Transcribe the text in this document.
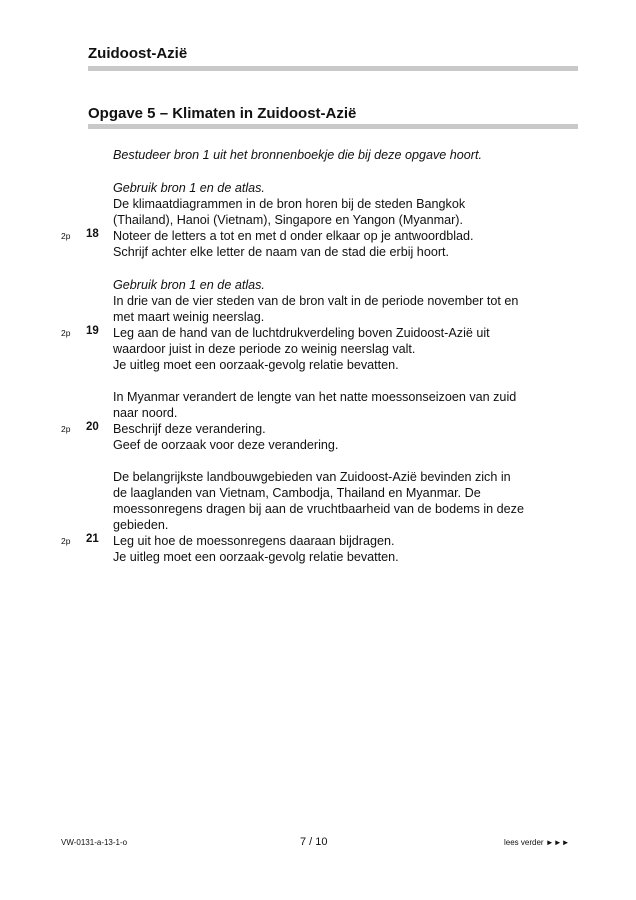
Zuidoost-Azië
Opgave 5 – Klimaten in Zuidoost-Azië
Bestudeer bron 1 uit het bronnenboekje die bij deze opgave hoort.
Gebruik bron 1 en de atlas.
De klimaatdiagrammen in de bron horen bij de steden Bangkok
(Thailand), Hanoi (Vietnam), Singapore en Yangon (Myanmar).
2p 18 Noteer de letters a tot en met d onder elkaar op je antwoordblad.
Schrijf achter elke letter de naam van de stad die erbij hoort.
Gebruik bron 1 en de atlas.
In drie van de vier steden van de bron valt in de periode november tot en
met maart weinig neerslag.
2p 19 Leg aan de hand van de luchtdrukverdeling boven Zuidoost-Azië uit
waardoor juist in deze periode zo weinig neerslag valt.
Je uitleg moet een oorzaak-gevolg relatie bevatten.
In Myanmar verandert de lengte van het natte moessonseizoen van zuid
naar noord.
2p 20 Beschrijf deze verandering.
Geef de oorzaak voor deze verandering.
De belangrijkste landbouwgebieden van Zuidoost-Azië bevinden zich in
de laaglanden van Vietnam, Cambodja, Thailand en Myanmar. De
moessonregens dragen bij aan de vruchtbaarheid van de bodems in deze
gebieden.
2p 21 Leg uit hoe de moessonregens daaraan bijdragen.
Je uitleg moet een oorzaak-gevolg relatie bevatten.
VW-0131-a-13-1-o	7 / 10	lees verder ►►►
